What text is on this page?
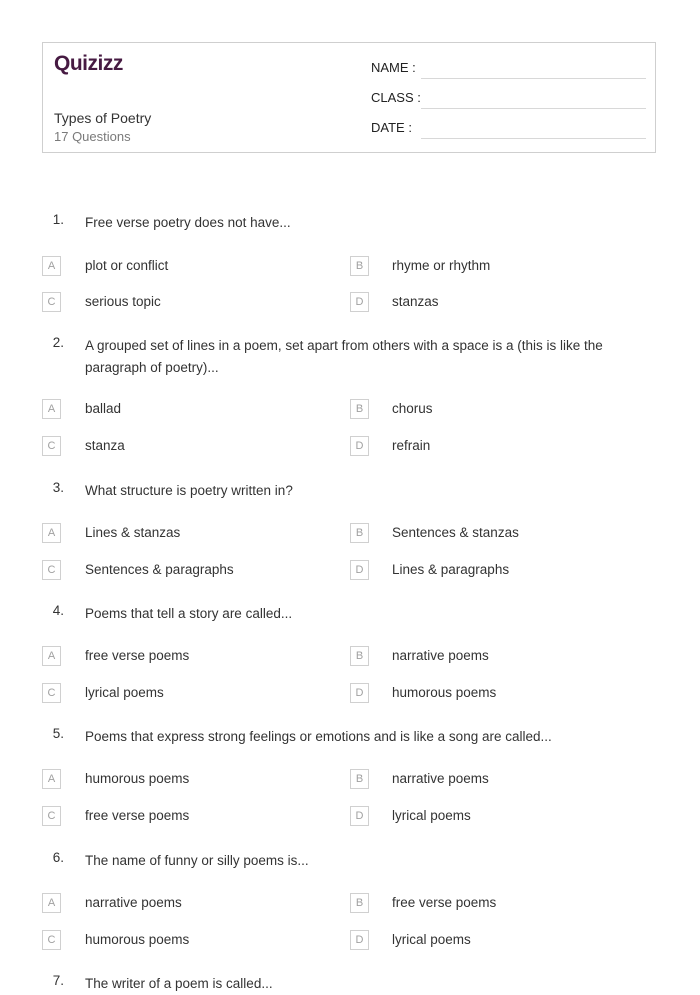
Quizizz
Types of Poetry
17 Questions
NAME :
CLASS :
DATE :
1. Free verse poetry does not have...
A	plot or conflict	B	rhyme or rhythm
C	serious topic	D	stanzas
2. A grouped set of lines in a poem, set apart from others with a space is a (this is like the paragraph of poetry)...
A	ballad	B	chorus
C	stanza	D	refrain
3. What structure is poetry written in?
A	Lines & stanzas	B	Sentences & stanzas
C	Sentences & paragraphs	D	Lines & paragraphs
4. Poems that tell a story are called...
A	free verse poems	B	narrative poems
C	lyrical poems	D	humorous poems
5. Poems that express strong feelings or emotions and is like a song are called...
A	humorous poems	B	narrative poems
C	free verse poems	D	lyrical poems
6. The name of funny or silly poems is...
A	narrative poems	B	free verse poems
C	humorous poems	D	lyrical poems
7. The writer of a poem is called...
